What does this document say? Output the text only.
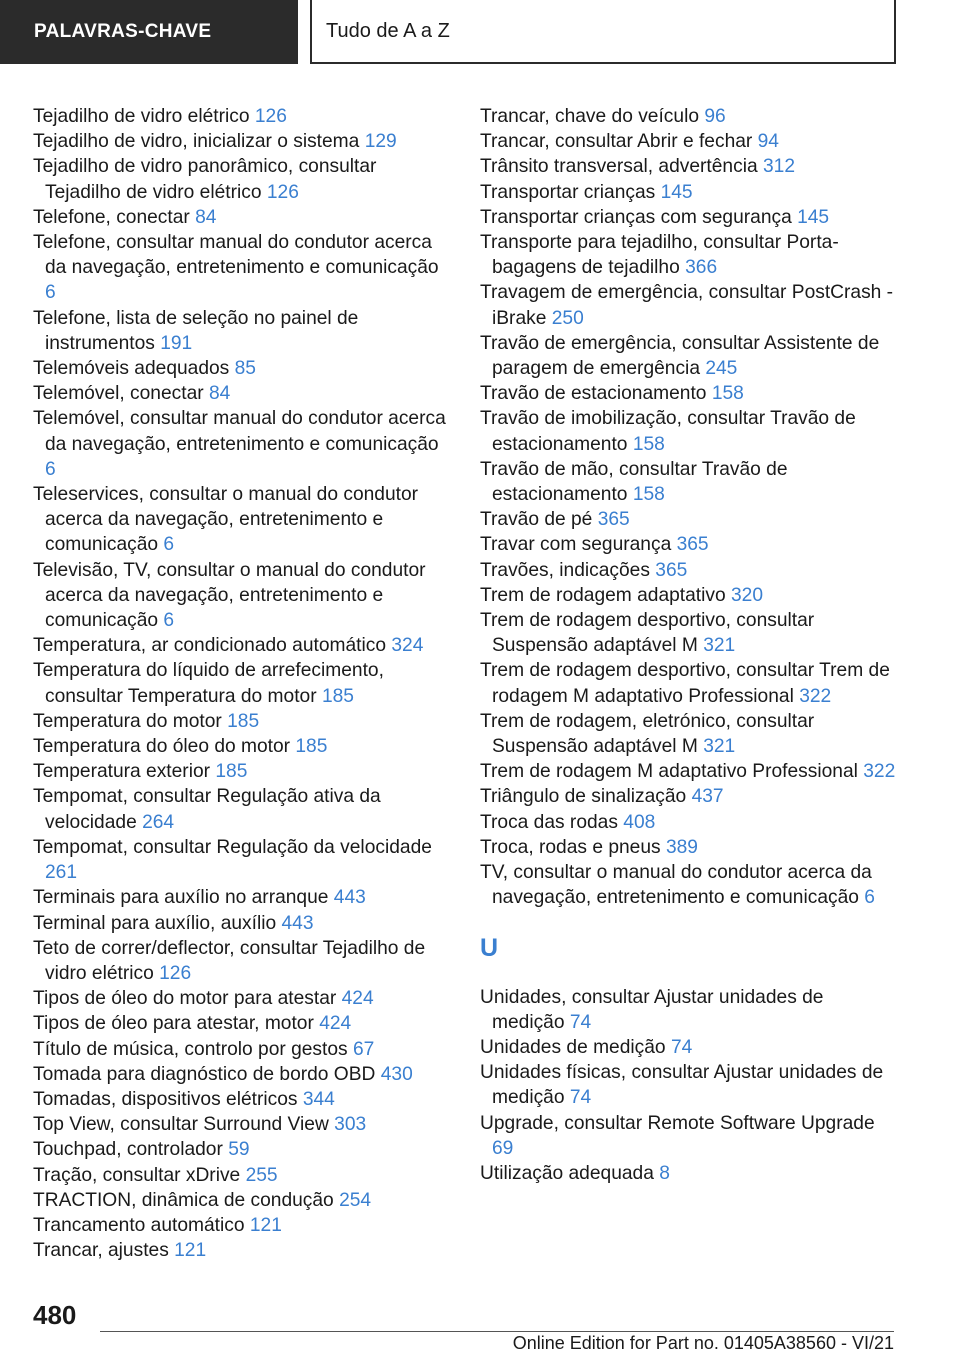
PALAVRAS-CHAVE	Tudo de A a Z
Tejadilho de vidro elétrico 126
Tejadilho de vidro, inicializar o sistema 129
Tejadilho de vidro panorâmico, consultar Tejadilho de vidro elétrico 126
Telefone, conectar 84
Telefone, consultar manual do condutor acerca da navegação, entretenimento e comunicação 6
Telefone, lista de seleção no painel de instrumentos 191
Telemóveis adequados 85
Telemóvel, conectar 84
Telemóvel, consultar manual do condutor acerca da navegação, entretenimento e comunicação 6
Teleservices, consultar o manual do condutor acerca da navegação, entretenimento e comunicação 6
Televisão, TV, consultar o manual do condutor acerca da navegação, entretenimento e comunicação 6
Temperatura, ar condicionado automático 324
Temperatura do líquido de arrefecimento, consultar Temperatura do motor 185
Temperatura do motor 185
Temperatura do óleo do motor 185
Temperatura exterior 185
Tempomat, consultar Regulação ativa da velocidade 264
Tempomat, consultar Regulação da velocidade 261
Terminais para auxílio no arranque 443
Terminal para auxílio, auxílio 443
Teto de correr/deflector, consultar Tejadilho de vidro elétrico 126
Tipos de óleo do motor para atestar 424
Tipos de óleo para atestar, motor 424
Título de música, controlo por gestos 67
Tomada para diagnóstico de bordo OBD 430
Tomadas, dispositivos elétricos 344
Top View, consultar Surround View 303
Touchpad, controlador 59
Tração, consultar xDrive 255
TRACTION, dinâmica de condução 254
Trancamento automático 121
Trancar, ajustes 121
Trancar, chave do veículo 96
Trancar, consultar Abrir e fechar 94
Trânsito transversal, advertência 312
Transportar crianças 145
Transportar crianças com segurança 145
Transporte para tejadilho, consultar Porta-bagagens de tejadilho 366
Travagem de emergência, consultar PostCrash - iBrake 250
Travão de emergência, consultar Assistente de paragem de emergência 245
Travão de estacionamento 158
Travão de imobilização, consultar Travão de estacionamento 158
Travão de mão, consultar Travão de estacionamento 158
Travão de pé 365
Travar com segurança 365
Travões, indicações 365
Trem de rodagem adaptativo 320
Trem de rodagem desportivo, consultar Suspensão adaptável M 321
Trem de rodagem desportivo, consultar Trem de rodagem M adaptativo Professional 322
Trem de rodagem, eletrónico, consultar Suspensão adaptável M 321
Trem de rodagem M adaptativo Professional 322
Triângulo de sinalização 437
Troca das rodas 408
Troca, rodas e pneus 389
TV, consultar o manual do condutor acerca da navegação, entretenimento e comunicação 6
U
Unidades, consultar Ajustar unidades de medição 74
Unidades de medição 74
Unidades físicas, consultar Ajustar unidades de medição 74
Upgrade, consultar Remote Software Upgrade 69
Utilização adequada 8
480
Online Edition for Part no. 01405A38560 - VI/21
